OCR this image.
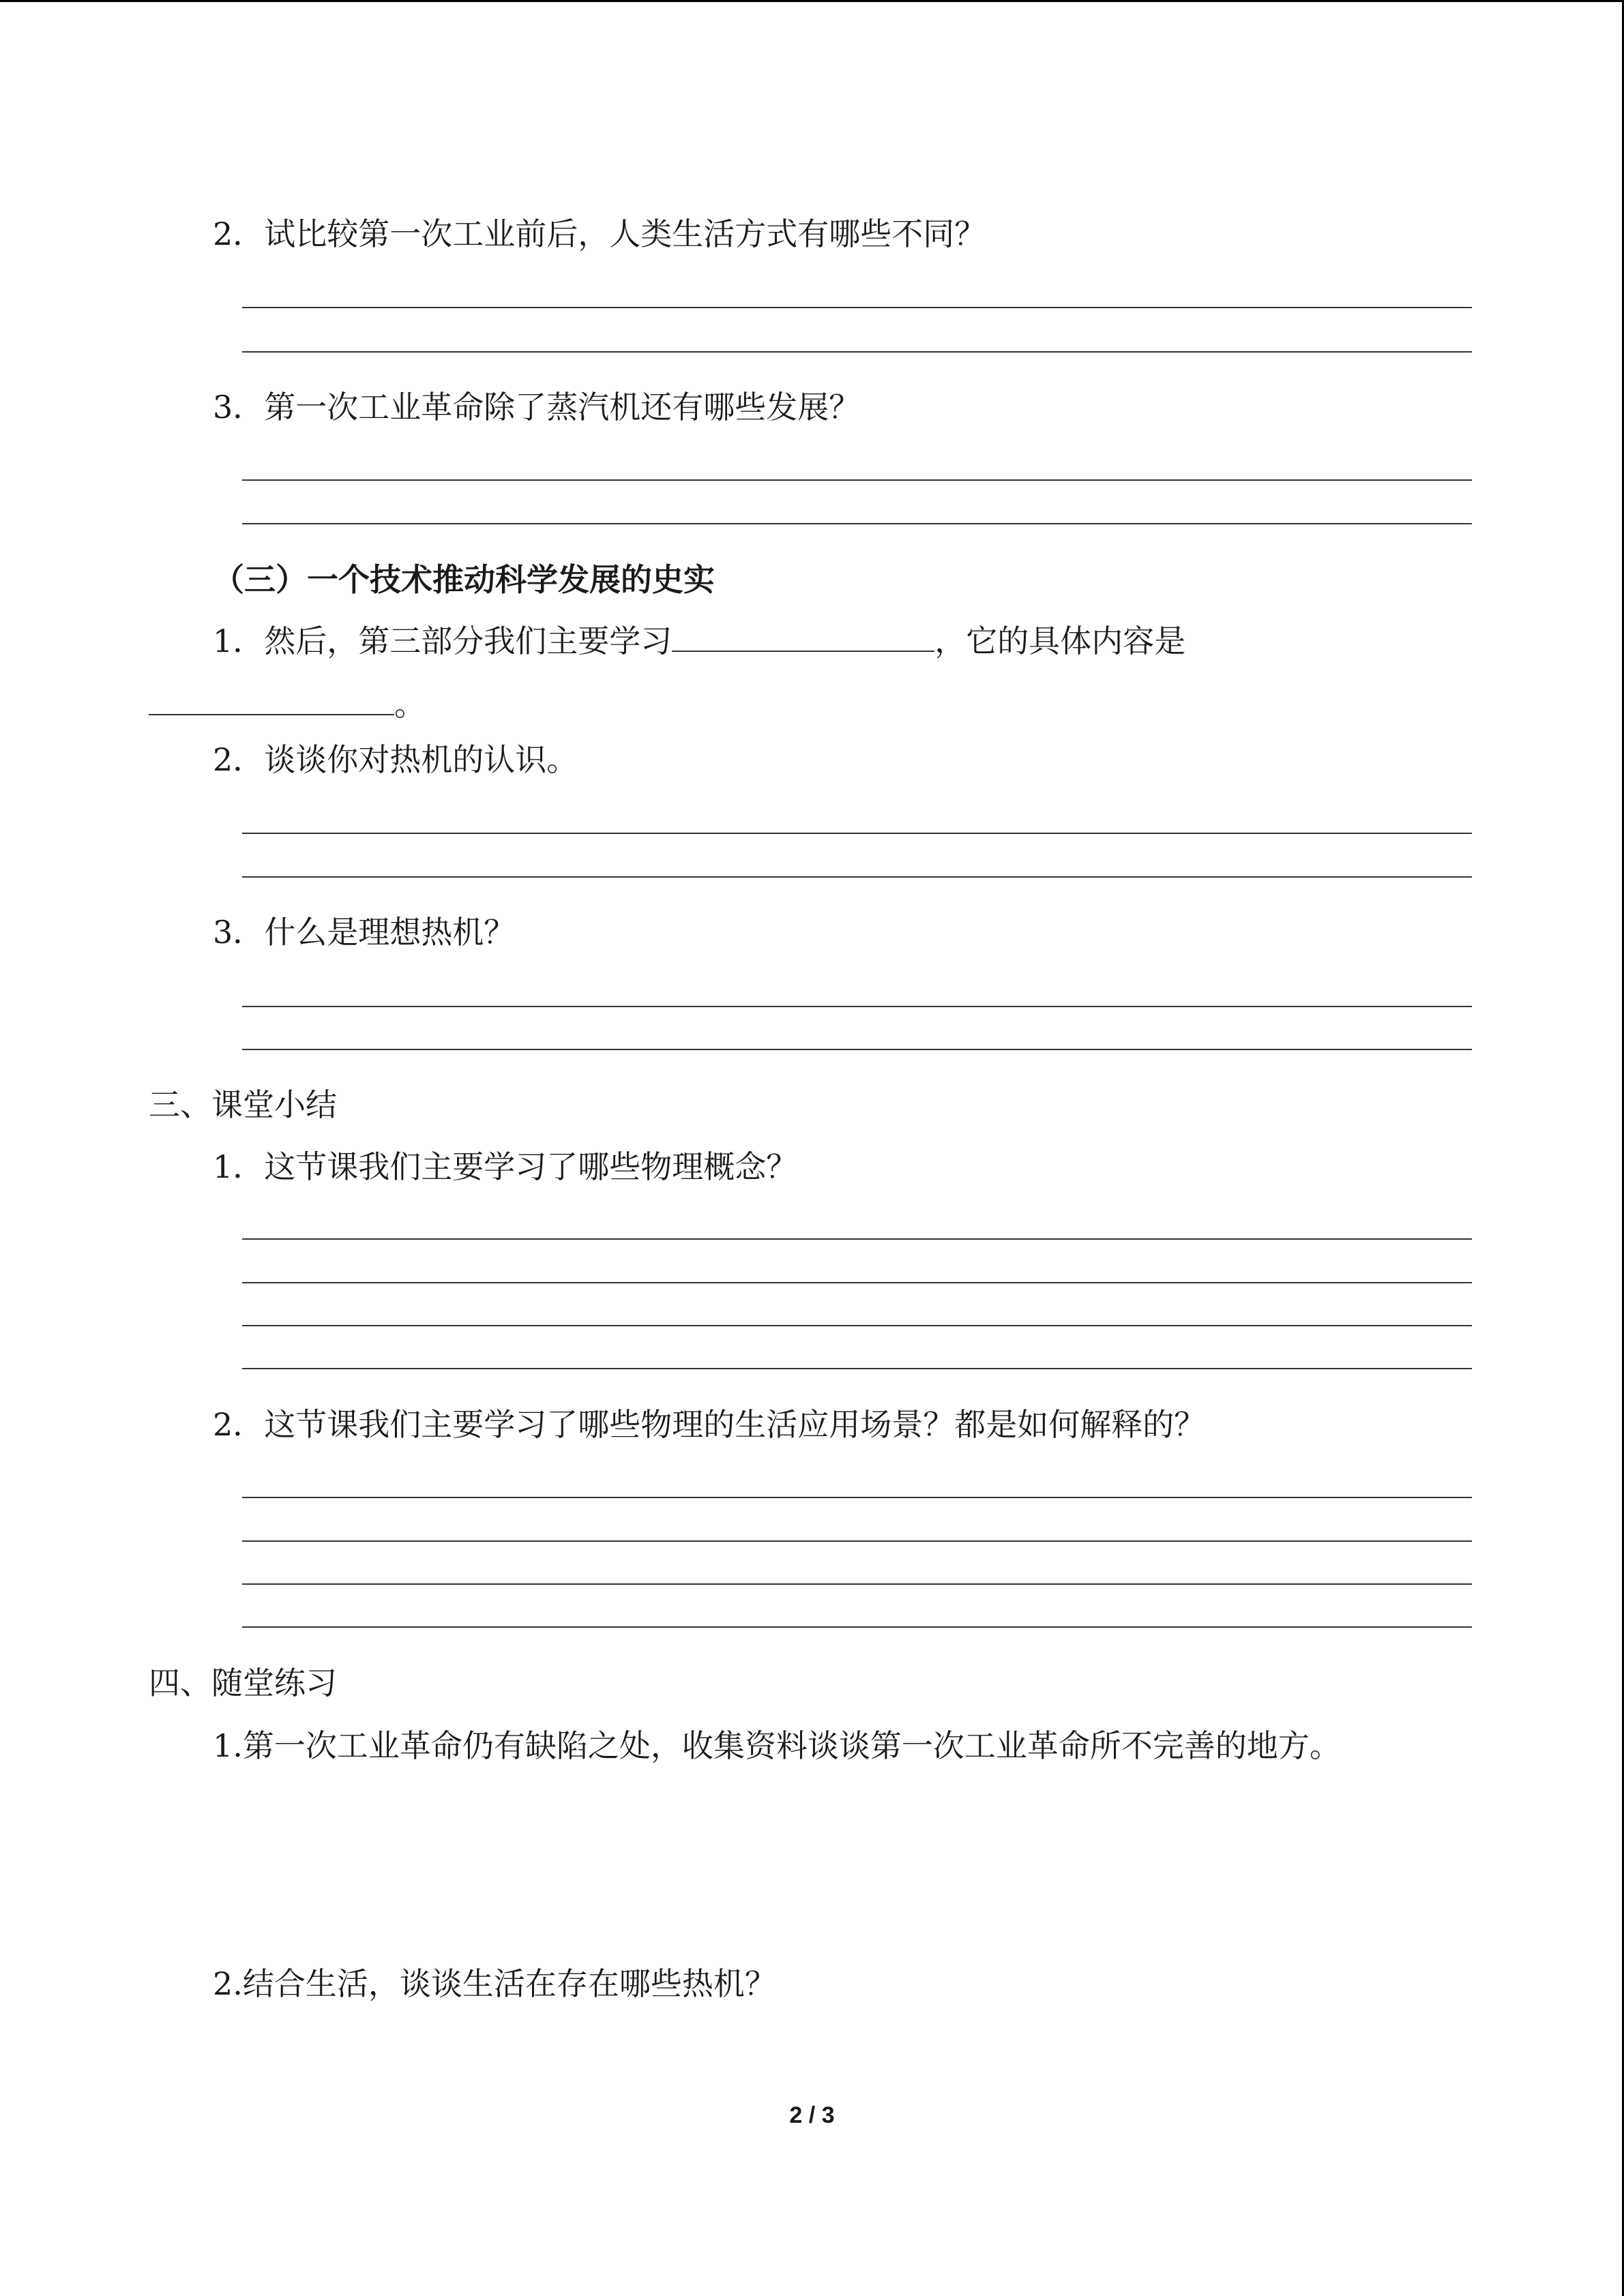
2．试比较第一次工业前后，人类生活方式有哪些不同？
3．第一次工业革命除了蒸汽机还有哪些发展？
（三）一个技术推动科学发展的史实
1．然后，第三部分我们主要学习	，它的具体内容是
。
2．谈谈你对热机的认识。
3．什么是理想热机？
三、课堂小结
1．这节课我们主要学习了哪些物理概念？
2．这节课我们主要学习了哪些物理的生活应用场景？都是如何解释的？
四、随堂练习
1.第一次工业革命仍有缺陷之处，收集资料谈谈第一次工业革命所不完善的地方。
2.结合生活，谈谈生活在存在哪些热机？
2 / 3
